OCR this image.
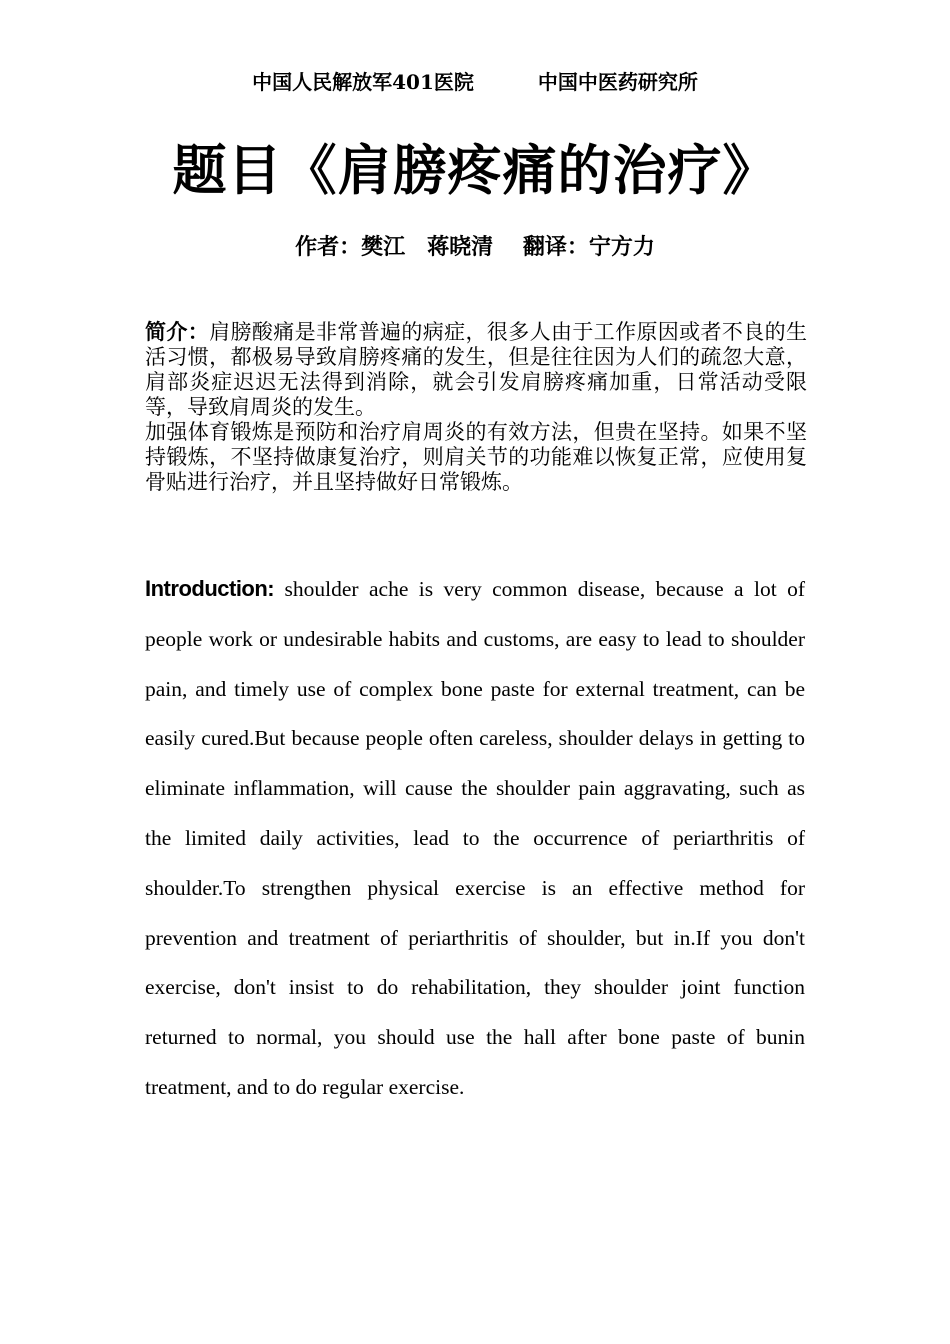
中国人民解放军401医院	中国中医药研究所
题目《肩膀疼痛的治疗》
作者：樊江　蒋晓清　 翻译：宁方力

简介：肩膀酸痛是非常普遍的病症，很多人由于工作原因或者不良的生活习惯，都极易导致肩膀疼痛的发生，但是往往因为人们的疏忽大意，肩部炎症迟迟无法得到消除，就会引发肩膀疼痛加重，日常活动受限等，导致肩周炎的发生。

加强体育锻炼是预防和治疗肩周炎的有效方法，但贵在坚持。如果不坚持锻炼，不坚持做康复治疗，则肩关节的功能难以恢复正常，应使用复骨贴进行治疗，并且坚持做好日常锻炼。

Introduction: shoulder ache is very common disease, because a lot of people work or undesirable habits and customs, are easy to lead to shoulder pain, and timely use of complex bone paste for external treatment, can be easily cured.But because people often careless, shoulder delays in getting to eliminate inflammation, will cause the shoulder pain aggravating, such as the limited daily activities, lead to the occurrence of periarthritis of shoulder.To strengthen physical exercise is an effective method for prevention and treatment of periarthritis of shoulder, but in.If you don't exercise, don't insist to do rehabilitation, they shoulder joint function returned to normal, you should use the hall after bone paste of bunin treatment, and to do regular exercise.
